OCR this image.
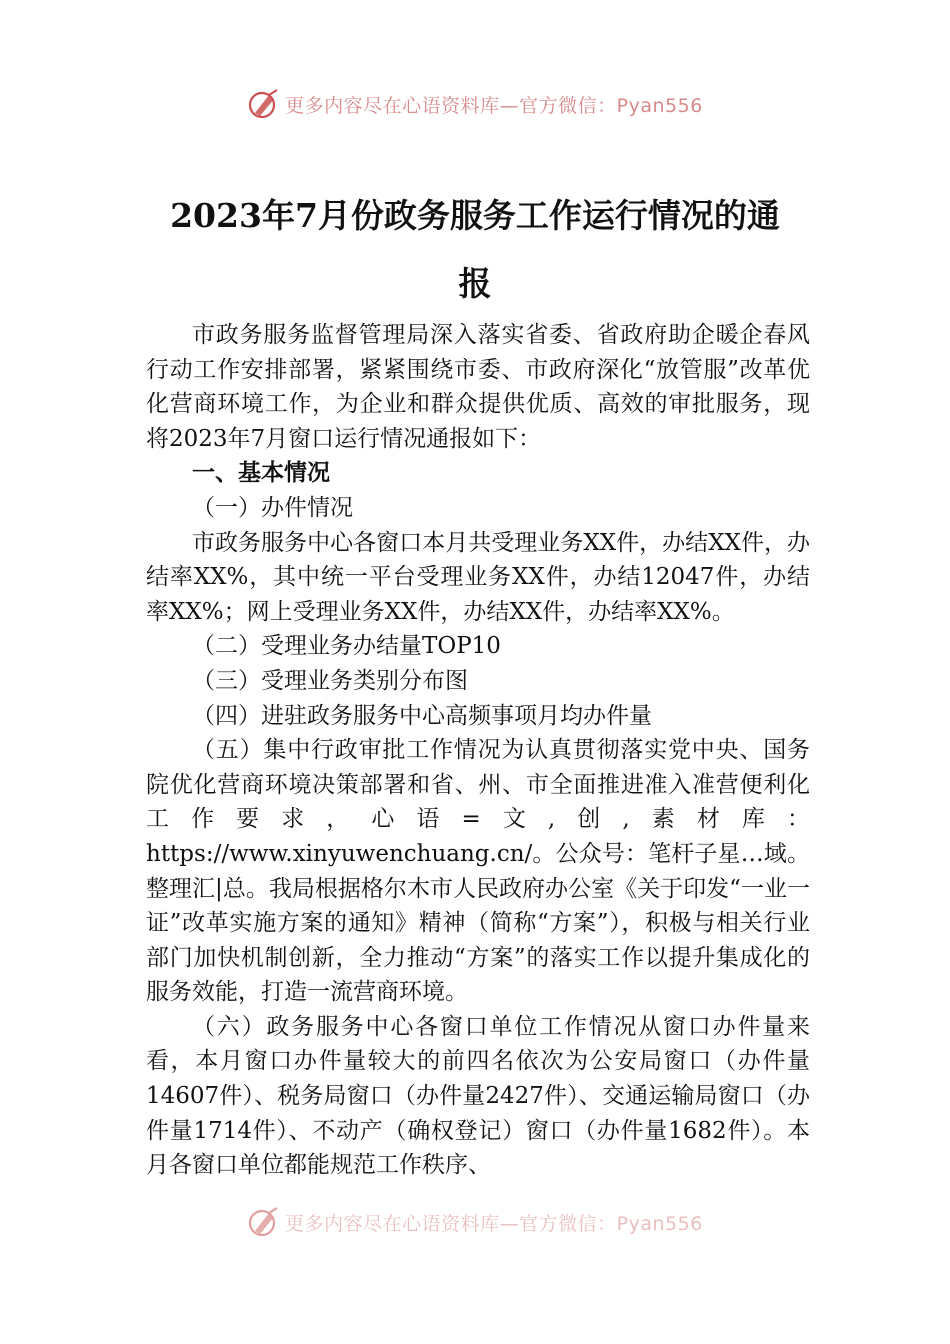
更多内容尽在心语资料库—官方微信：Pyan556
2023年7月份政务服务工作运行情况的通
报

市政务服务监督管理局深入落实省委、省政府助企暖企春风行动工作安排部署，紧紧围绕市委、市政府深化“放管服”改革优化营商环境工作，为企业和群众提供优质、高效的审批服务，现将2023年7月窗口运行情况通报如下：

一、基本情况

（一）办件情况

市政务服务中心各窗口本月共受理业务XX件，办结XX件，办结率XX%，其中统一平台受理业务XX件，办结12047件，办结率XX%；网上受理业务XX件，办结XX件，办结率XX%。

（二）受理业务办结量TOP10

（三）受理业务类别分布图

（四）进驻政务服务中心高频事项月均办件量

（五）集中行政审批工作情况为认真贯彻落实党中央、国务院优化营商环境决策部署和省、州、市全面推进准入准营便利化工作要求，心语=文,创,素材库：https://www.xinyuwenchuang.cn/。公众号：笔杆子星…域。整理汇|总。我局根据格尔木市人民政府办公室《关于印发“一业一证”改革实施方案的通知》精神（简称“方案”），积极与相关行业部门加快机制创新，全力推动“方案”的落实工作以提升集成化的服务效能，打造一流营商环境。

（六）政务服务中心各窗口单位工作情况从窗口办件量来看，本月窗口办件量较大的前四名依次为公安局窗口（办件量14607件）、税务局窗口（办件量2427件）、交通运输局窗口（办件量1714件）、不动产（确权登记）窗口（办件量1682件）。本月各窗口单位都能规范工作秩序、

更多内容尽在心语资料库—官方微信：Pyan556
